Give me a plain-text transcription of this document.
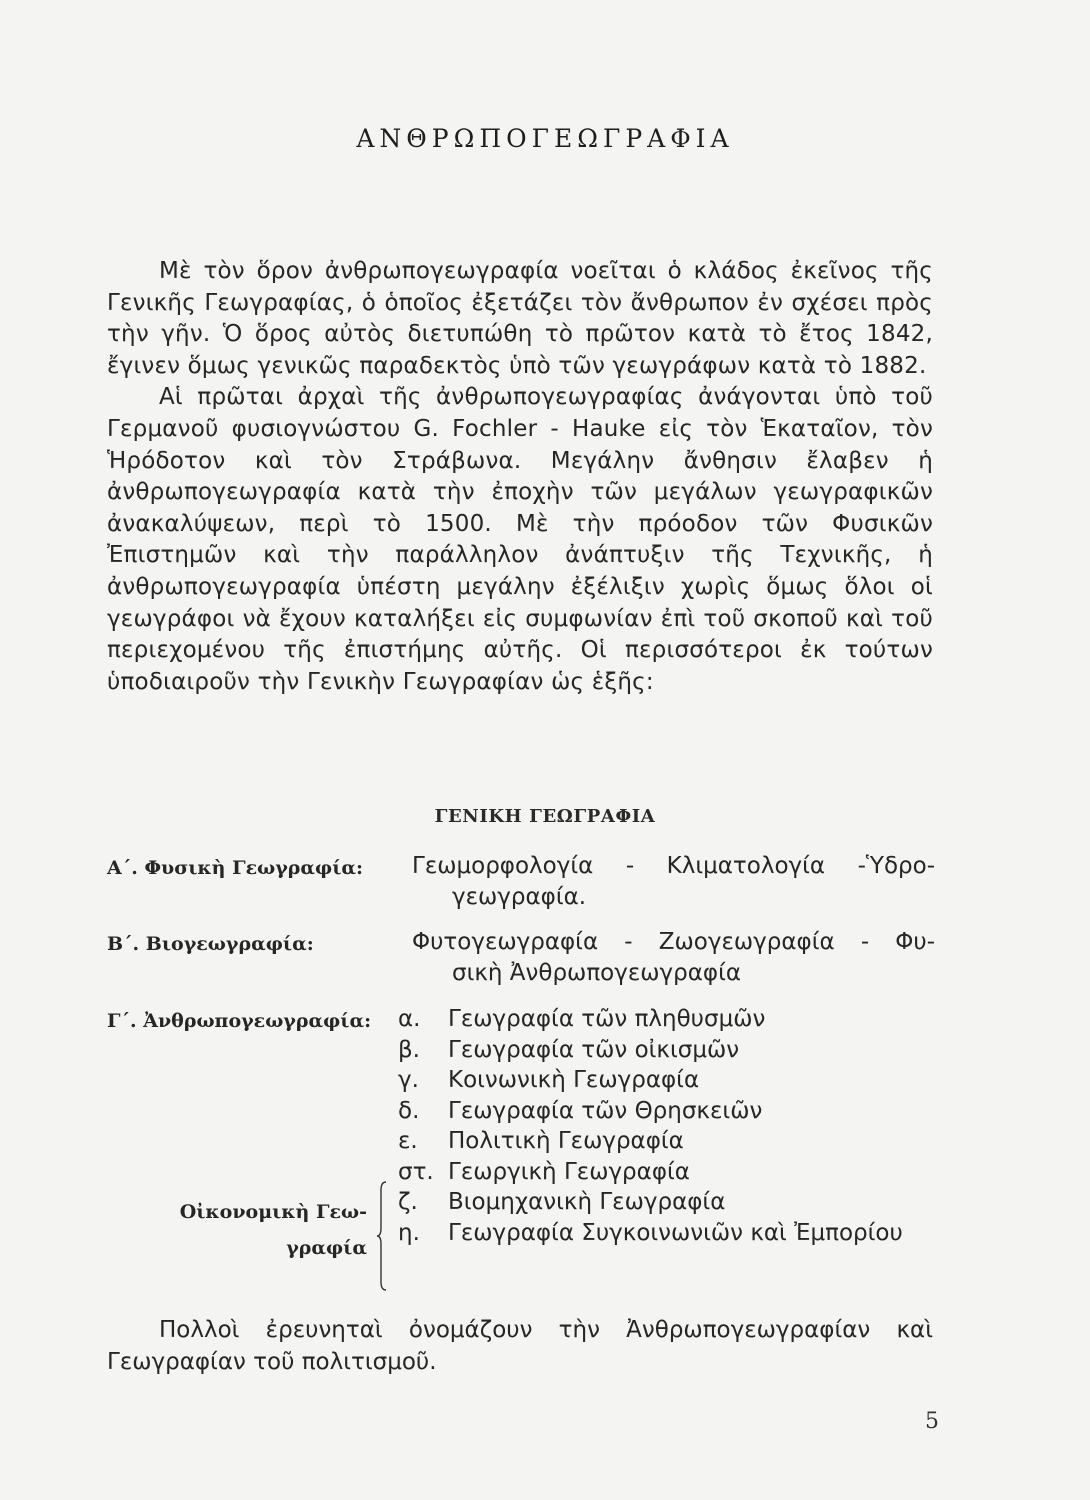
ΑΝΘΡΩΠΟΓΕΩΓΡΑΦΙΑ

Μὲ τὸν ὅρον ἀνθρωπογεωγραφία νοεῖται ὁ κλάδος ἐκεῖνος τῆς Γενικῆς Γεωγραφίας, ὁ ὁποῖος ἐξετάζει τὸν ἄνθρωπον ἐν σχέσει πρὸς τὴν γῆν. Ὁ ὅρος αὐτὸς διετυπώθη τὸ πρῶτον κατὰ τὸ ἔτος 1842, ἔγινεν ὅμως γενικῶς παραδεκτὸς ὑπὸ τῶν γεωγράφων κατὰ τὸ 1882.

Αἱ πρῶται ἀρχαὶ τῆς ἀνθρωπογεωγραφίας ἀνάγονται ὑπὸ τοῦ Γερμανοῦ φυσιογνώστου G. Fochler - Hauke εἰς τὸν Ἑκαταῖον, τὸν Ἡρόδοτον καὶ τὸν Στράβωνα. Μεγάλην ἄνθησιν ἔλαβεν ἡ ἀνθρωπογεωγραφία κατὰ τὴν ἐποχὴν τῶν μεγάλων γεωγραφικῶν ἀνακαλύψεων, περὶ τὸ 1500. Μὲ τὴν πρόοδον τῶν Φυσικῶν Ἐπιστημῶν καὶ τὴν παράλληλον ἀνάπτυξιν τῆς Τεχνικῆς, ἡ ἀνθρωπογεωγραφία ὑπέστη μεγάλην ἐξέλιξιν χωρὶς ὅμως ὅλοι οἱ γεωγράφοι νὰ ἔχουν καταλήξει εἰς συμφωνίαν ἐπὶ τοῦ σκοποῦ καὶ τοῦ περιεχομένου τῆς ἐπιστήμης αὐτῆς. Οἱ περισσότεροι ἐκ τούτων ὑποδιαιροῦν τὴν Γενικὴν Γεωγραφίαν ὡς ἑξῆς:

ΓΕΝΙΚΗ ΓΕΩΓΡΑΦΙΑ
Α΄. Φυσικὴ Γεωγραφία: Γεωμορφολογία - Κλιματολογία -Ὑδρο-
γεωγραφία.
Β΄. Βιογεωγραφία:	Φυτογεωγραφία - Ζωογεωγραφία - Φυ-
σικὴ Ἀνθρωπογεωγραφία
Γ΄. Ἀνθρωπογεωγραφία: α.	Γεωγραφία τῶν πληθυσμῶν
β.	Γεωγραφία τῶν οἰκισμῶν
γ.	Κοινωνικὴ Γεωγραφία
δ.	Γεωγραφία τῶν Θρησκειῶν
ε.	Πολιτικὴ Γεωγραφία
στ. Γεωργικὴ Γεωγραφία
ζ.	Βιομηχανικὴ Γεωγραφία
η.	Γεωγραφία Συγκοινωνιῶν καὶ Ἐμπορίου
Οἰκονομικὴ Γεω-
γραφία

Πολλοὶ ἐρευνηταὶ ὀνομάζουν τὴν Ἀνθρωπογεωγραφίαν καὶ Γεωγραφίαν τοῦ πολιτισμοῦ.

5
